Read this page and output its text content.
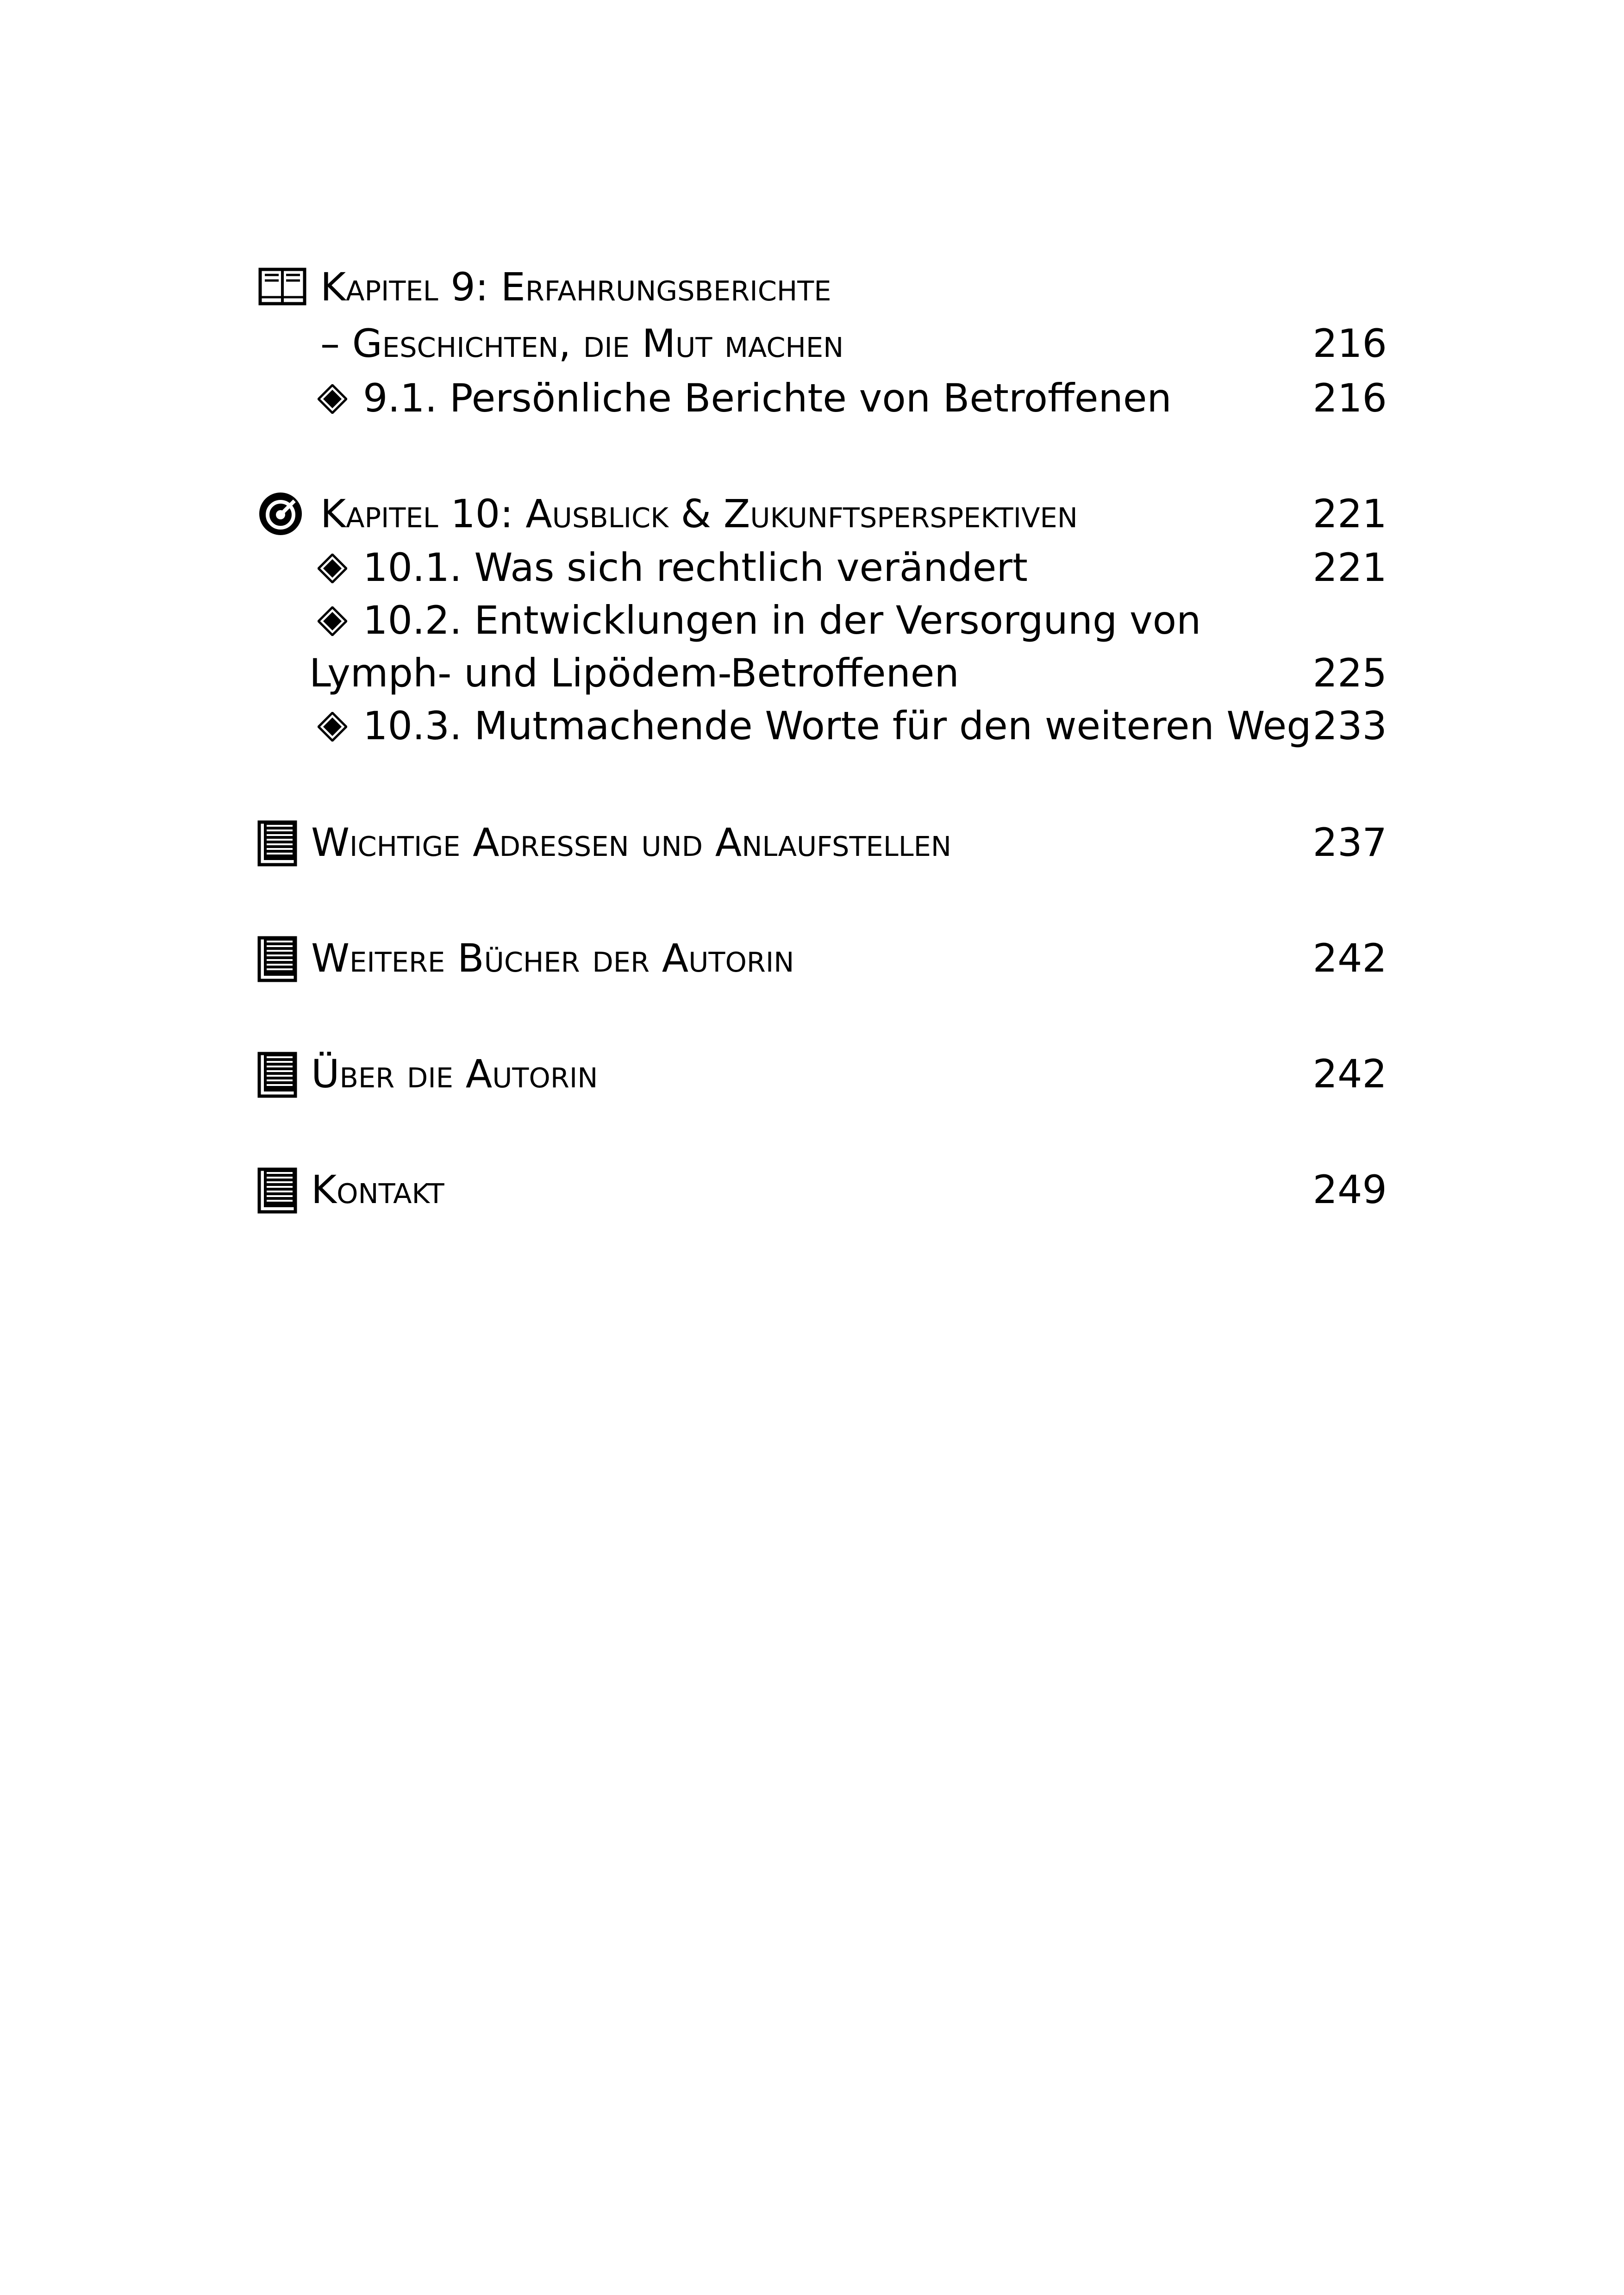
Kapitel 9: Erfahrungsberichte
– Geschichten, die Mut machen	216
9.1. Persönliche Berichte von Betroffenen	216
Kapitel 10: Ausblick & Zukunftsperspektiven	221
10.1. Was sich rechtlich verändert	221
10.2. Entwicklungen in der Versorgung von
Lymph- und Lipödem-Betroffenen	225
10.3. Mutmachende Worte für den weiteren Weg 233
Wichtige Adressen und Anlaufstellen	237
Weitere Bücher der Autorin	242
Über die Autorin	242
Kontakt	249
